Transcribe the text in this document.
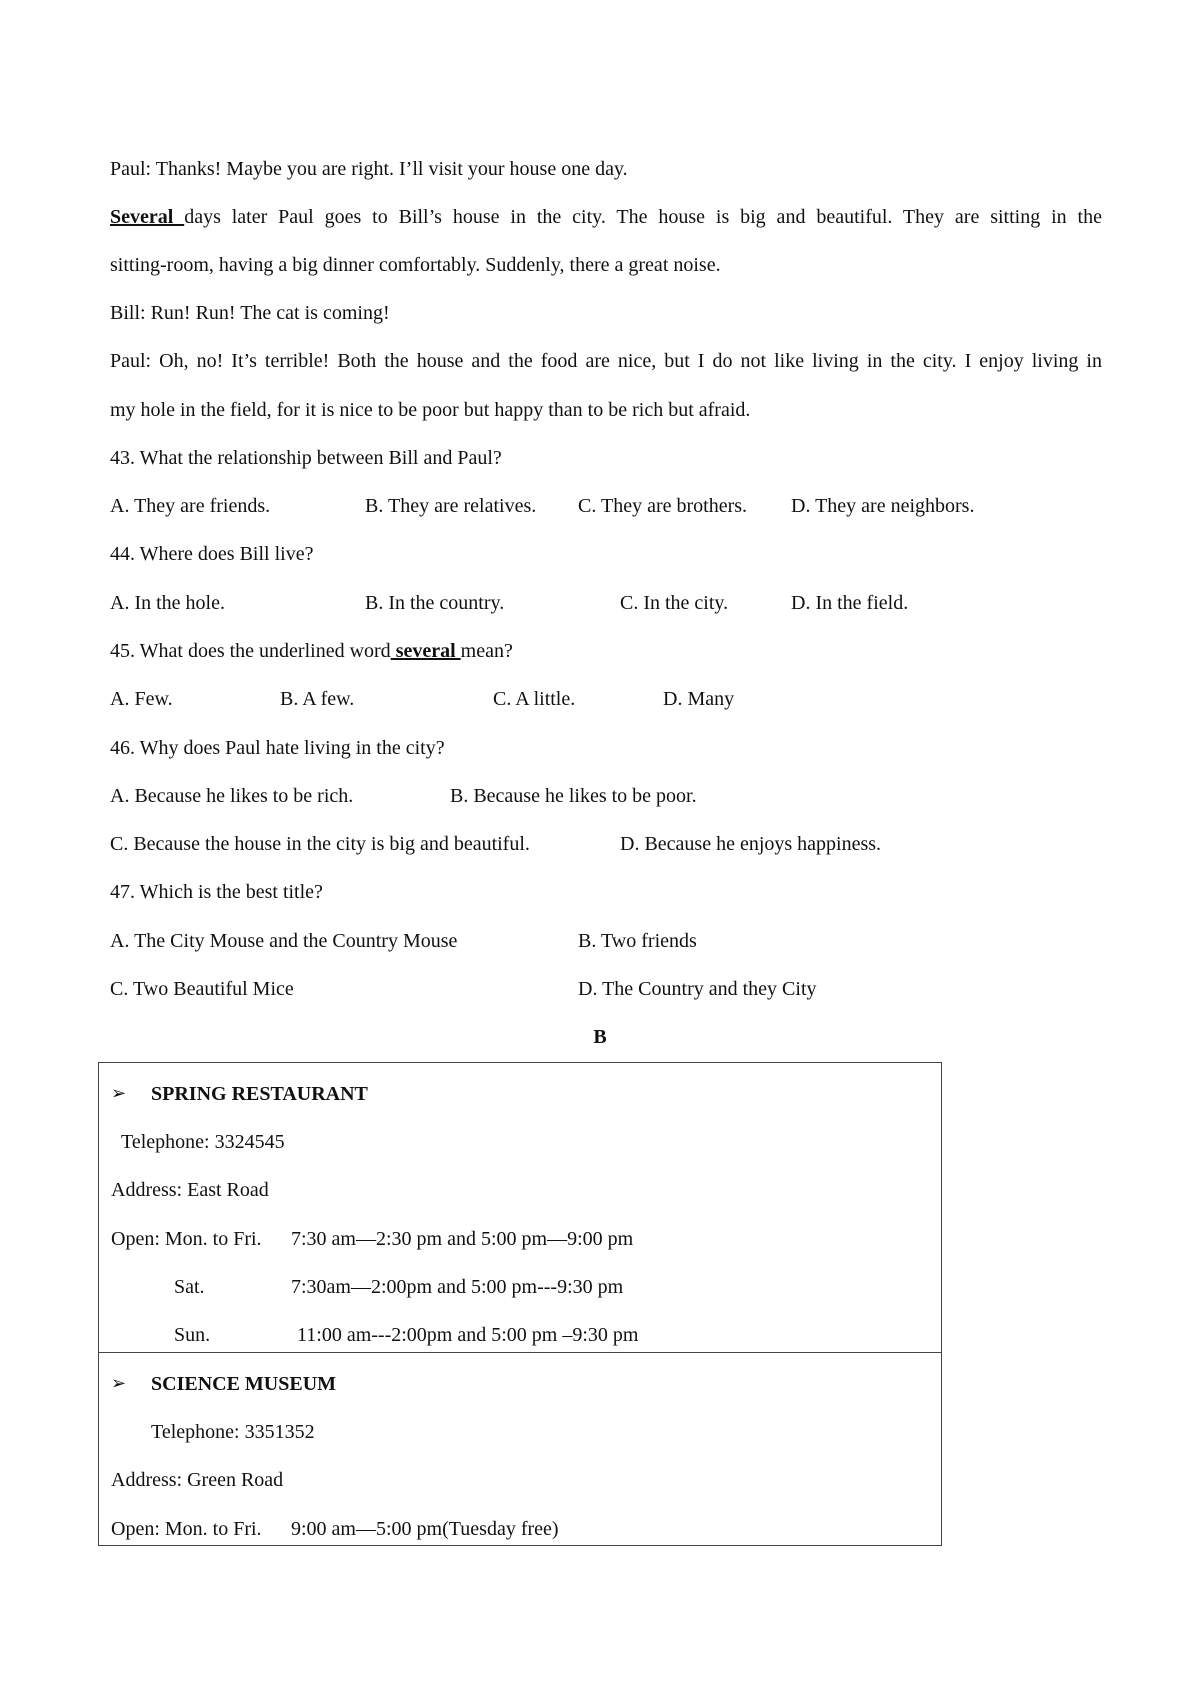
Paul: Thanks! Maybe you are right. I’ll visit your house one day.
Several days later Paul goes to Bill’s house in the city. The house is big and beautiful. They are sitting in the
sitting-room, having a big dinner comfortably. Suddenly, there a great noise.
Bill: Run! Run! The cat is coming!
Paul: Oh, no! It’s terrible! Both the house and the food are nice, but I do not like living in the city. I enjoy living in
my hole in the field, for it is nice to be poor but happy than to be rich but afraid.
43. What the relationship between Bill and Paul?
A. They are friends.	B. They are relatives. C. They are brothers. D. They are neighbors.
44. Where does Bill live?
A. In the hole.	B. In the country.	C. In the city.	D. In the field.
45. What does the underlined word several mean?
A. Few.	B. A few.	C. A little.	D. Many
46. Why does Paul hate living in the city?
A. Because he likes to be rich.	B. Because he likes to be poor.
C. Because the house in the city is big and beautiful.	D. Because he enjoys happiness.
47. Which is the best title?
A. The City Mouse and the Country Mouse	B. Two friends
C. Two Beautiful Mice	D. The Country and they City
B
➢ SPRING RESTAURANT
Telephone: 3324545
Address: East Road
Open: Mon. to Fri. 7:30 am—2:30 pm and 5:00 pm—9:00 pm
Sat.	7:30am—2:00pm and 5:00 pm---9:30 pm
Sun.	11:00 am---2:00pm and 5:00 pm –9:30 pm
➢ SCIENCE MUSEUM
Telephone: 3351352
Address: Green Road
Open: Mon. to Fri. 9:00 am—5:00 pm(Tuesday free)
